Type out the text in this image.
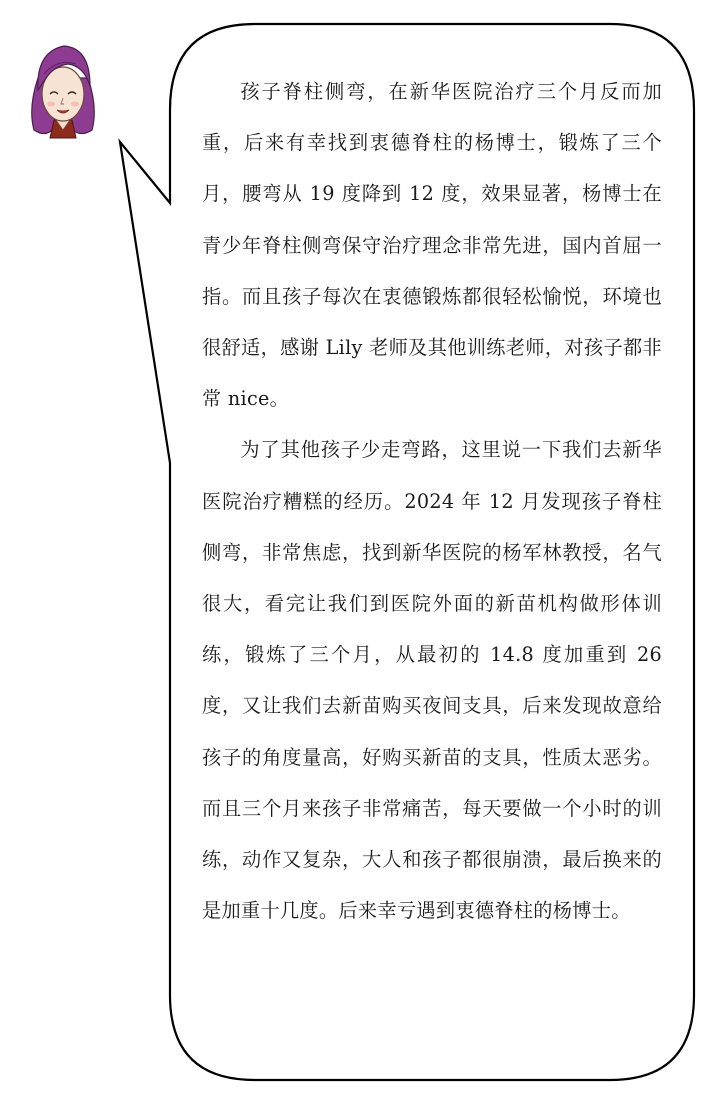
孩子脊柱侧弯，在新华医院治疗三个月反而加重，后来有幸找到衷德脊柱的杨博士，锻炼了三个月，腰弯从 19 度降到 12 度，效果显著，杨博士在青少年脊柱侧弯保守治疗理念非常先进，国内首屈一指。而且孩子每次在衷德锻炼都很轻松愉悦，环境也很舒适，感谢 Lily 老师及其他训练老师，对孩子都非常 nice。

为了其他孩子少走弯路，这里说一下我们去新华医院治疗糟糕的经历。2024 年 12 月发现孩子脊柱侧弯，非常焦虑，找到新华医院的杨军林教授，名气很大，看完让我们到医院外面的新苗机构做形体训练，锻炼了三个月，从最初的 14.8 度加重到 26 度，又让我们去新苗购买夜间支具，后来发现故意给孩子的角度量高，好购买新苗的支具，性质太恶劣。而且三个月来孩子非常痛苦，每天要做一个小时的训练，动作又复杂，大人和孩子都很崩溃，最后换来的是加重十几度。后来幸亏遇到衷德脊柱的杨博士。
